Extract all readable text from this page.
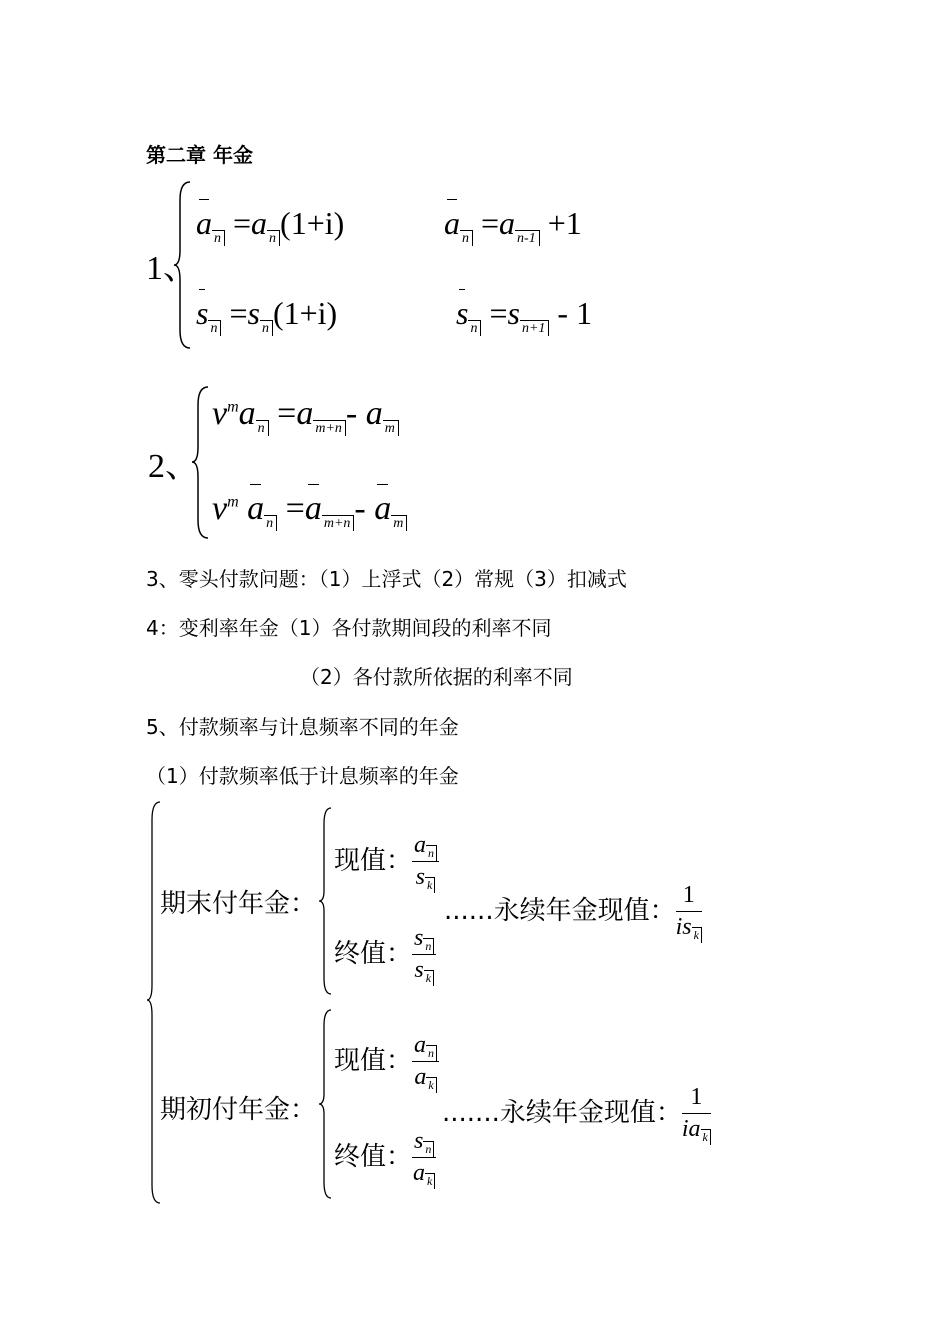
第二章 年金
1、
a n =a n (1+i)	a n =a n-1 +1
s n =s n (1+i)	s n =s n+1 - 1
2、
$v^ma$ n =a m+n - a m
$v^m$ a n =a m+n - a m
3、零头付款问题：（1）上浮式（2）常规（3）扣减式
4：变利率年金（1）各付款期间段的利率不同
（2）各付款所依据的利率不同
5、付款频率与计息频率不同的年金
（1）付款频率低于计息频率的年金
期末付年金：
现值： $\frac{\text{a n}}{\text{s k}}$
终值： $\frac{\text{s n}}{\text{s k}}$
......永续年金现值： $\frac{1}{\text{is k}}$
期初付年金：
现值： $\frac{\text{a n}}{\text{a k}}$
终值： $\frac{\text{s n}}{\text{a k}}$
.......永续年金现值： $\frac{1}{\text{ia k}}$
